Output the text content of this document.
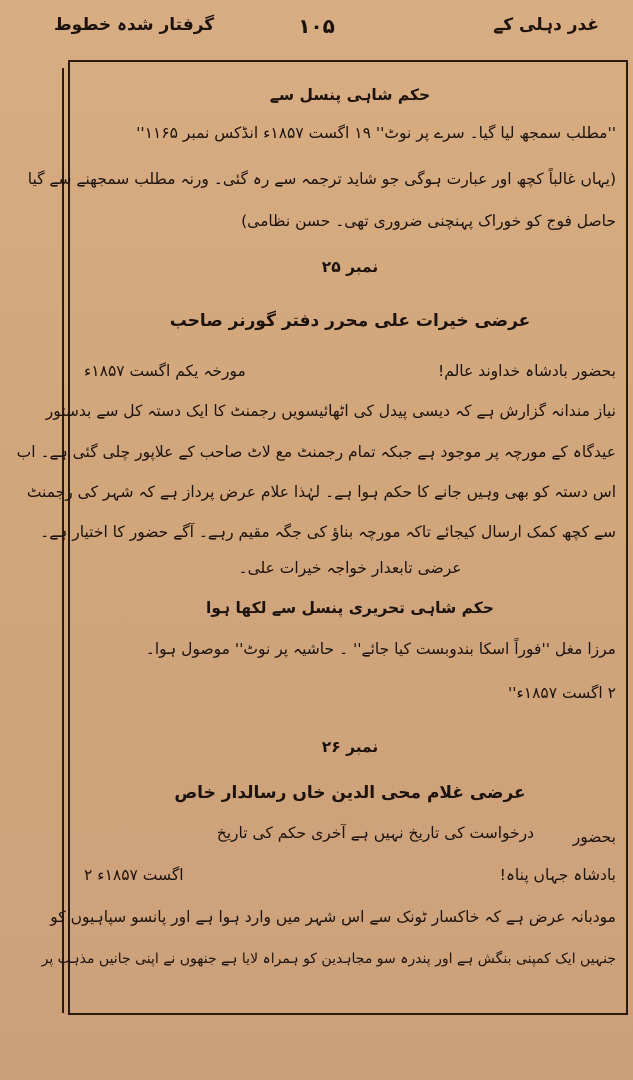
غدر دہلی کے
۱۰۵
گرفتار شدہ خطوط
حکم شاہی پنسل سے
''مطلب سمجھ لیا گیا۔ سرے پر نوٹ'' ۱۹ اگست ۱۸۵۷ء انڈکس نمبر ۱۱۶۵''
(یہاں غالباً کچھ اور عبارت ہوگی جو شاید ترجمہ سے رہ گئی۔ ورنہ مطلب سمجھنے سے گیا
حاصل فوج کو خوراک پہنچنی ضروری تھی۔ حسن نظامی)
نمبر ۲۵
عرضی خیرات علی محرر دفتر گورنر صاحب
بحضور بادشاہ خداوند عالم!
مورخہ یکم اگست ۱۸۵۷ء
نیاز مندانہ گزارش ہے کہ دیسی پیدل کی اٹھائیسویں رجمنٹ کا ایک دستہ کل سے بدستور
عیدگاہ کے مورچہ پر موجود ہے جبکہ تمام رجمنٹ مع لاٹ صاحب کے علاپور چلی گئی ہے۔ اب
اس دستہ کو بھی وہیں جانے کا حکم ہوا ہے۔ لہٰذا علام عرض پرداز ہے کہ شہر کی رجمنٹ
سے کچھ کمک ارسال کیجائے تاکہ مورچہ بناؤ کی جگہ مقیم رہے۔ آگے حضور کا اختیار ہے۔
عرضی تابعدار خواجہ خیرات علی۔
حکم شاہی تحریری پنسل سے لکھا ہوا
مرزا مغل ''فوراً اسکا بندوبست کیا جائے'' ۔ حاشیہ پر نوٹ'' موصول ہوا۔
۲ اگست ۱۸۵۷ء''
نمبر ۲۶
عرضی غلام محی الدین خاں رسالدار خاص
بحضور
درخواست کی تاریخ نہیں ہے آخری حکم کی تاریخ
بادشاہ جہاں پناہ!
۲ اگست ۱۸۵۷ء
مودبانہ عرض ہے کہ خاکسار ٹونک سے اس شہر میں وارد ہوا ہے اور پانسو سپاہیوں کو
جنہیں ایک کمپنی بنگش ہے اور پندرہ سو مجاہدین کو ہمراہ لایا ہے جنھوں نے اپنی جانیں مذہب پر
